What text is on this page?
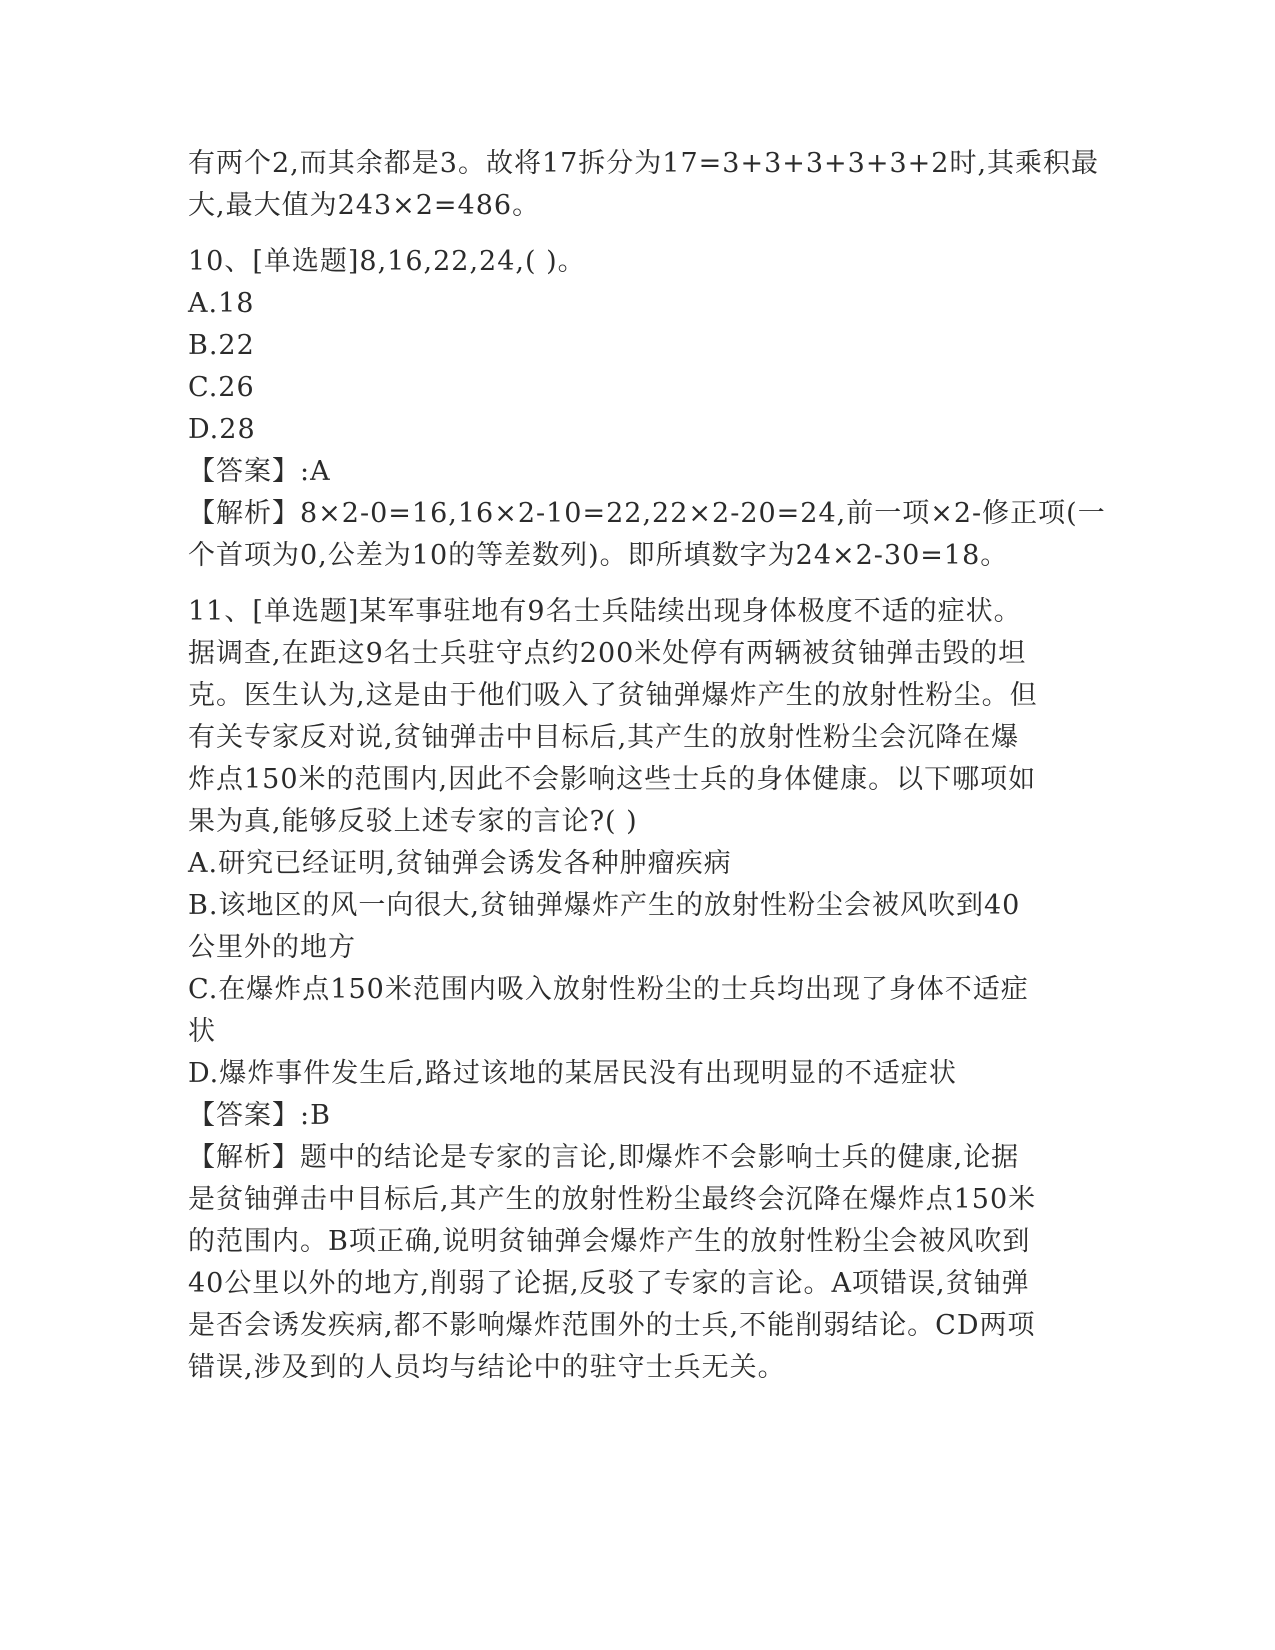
有两个2,而其余都是3。故将17拆分为17=3+3+3+3+3+2时,其乘积最
大,最大值为243×2=486。
10、[单选题]8,16,22,24,( )。
A.18
B.22
C.26
D.28
【答案】:A
【解析】8×2-0=16,16×2-10=22,22×2-20=24,前一项×2-修正项(一
个首项为0,公差为10的等差数列)。即所填数字为24×2-30=18。
11、[单选题]某军事驻地有9名士兵陆续出现身体极度不适的症状。
据调查,在距这9名士兵驻守点约200米处停有两辆被贫铀弹击毁的坦
克。医生认为,这是由于他们吸入了贫铀弹爆炸产生的放射性粉尘。但
有关专家反对说,贫铀弹击中目标后,其产生的放射性粉尘会沉降在爆
炸点150米的范围内,因此不会影响这些士兵的身体健康。以下哪项如
果为真,能够反驳上述专家的言论?( )
A.研究已经证明,贫铀弹会诱发各种肿瘤疾病
B.该地区的风一向很大,贫铀弹爆炸产生的放射性粉尘会被风吹到40
公里外的地方
C.在爆炸点150米范围内吸入放射性粉尘的士兵均出现了身体不适症
状
D.爆炸事件发生后,路过该地的某居民没有出现明显的不适症状
【答案】:B
【解析】题中的结论是专家的言论,即爆炸不会影响士兵的健康,论据
是贫铀弹击中目标后,其产生的放射性粉尘最终会沉降在爆炸点150米
的范围内。B项正确,说明贫铀弹会爆炸产生的放射性粉尘会被风吹到
40公里以外的地方,削弱了论据,反驳了专家的言论。A项错误,贫铀弹
是否会诱发疾病,都不影响爆炸范围外的士兵,不能削弱结论。CD两项
错误,涉及到的人员均与结论中的驻守士兵无关。
